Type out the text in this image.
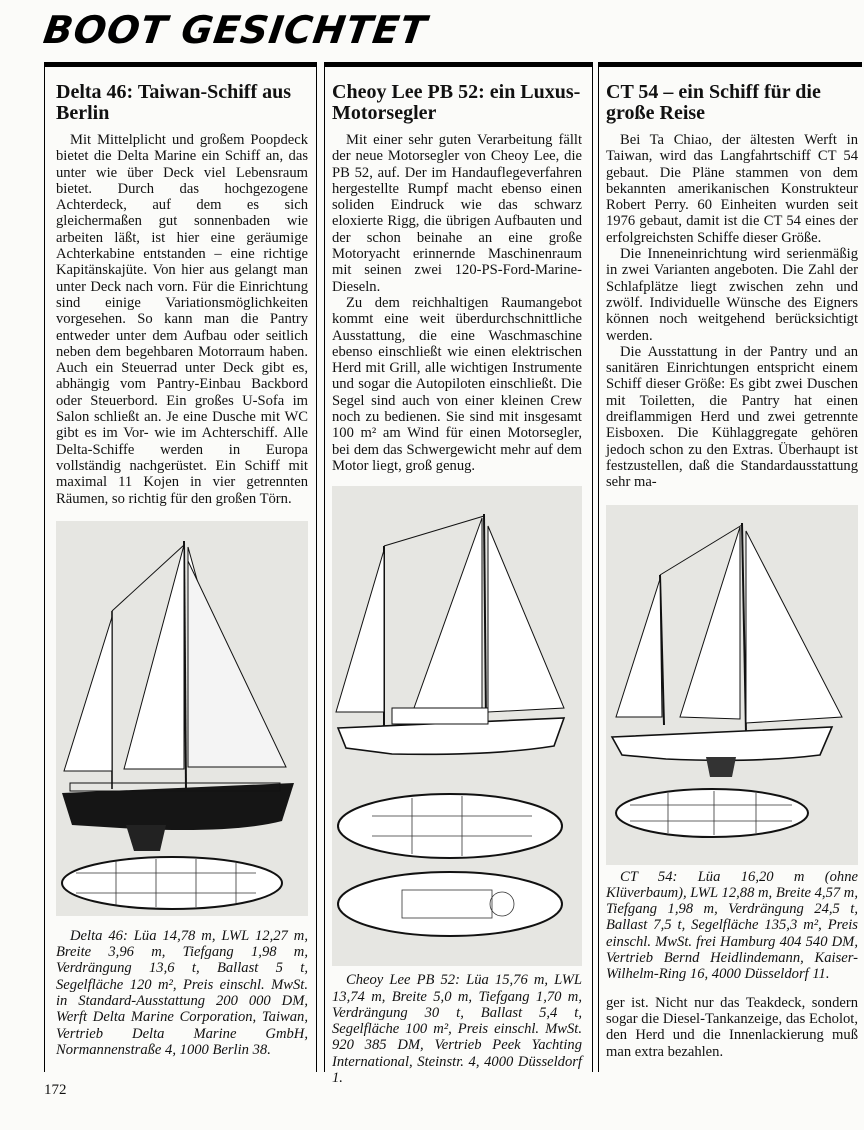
BOOT GESICHTET
Delta 46: Taiwan-Schiff aus Berlin

Mit Mittelplicht und großem Poopdeck bietet die Delta Marine ein Schiff an, das unter wie über Deck viel Lebensraum bietet. Durch das hochgezogene Achterdeck, auf dem es sich gleichermaßen gut sonnenbaden wie arbeiten läßt, ist hier eine geräumige Achterkabine entstanden – eine richtige Kapitänskajüte. Von hier aus gelangt man unter Deck nach vorn. Für die Einrichtung sind einige Variationsmöglichkeiten vorgesehen. So kann man die Pantry entweder unter dem Aufbau oder seitlich neben dem begehbaren Motorraum haben. Auch ein Steuerrad unter Deck gibt es, abhängig vom Pantry-Einbau Backbord oder Steuerbord. Ein großes U-Sofa im Salon schließt an. Je eine Dusche mit WC gibt es im Vor- wie im Achterschiff. Alle Delta-Schiffe werden in Europa vollständig nachgerüstet. Ein Schiff mit maximal 11 Kojen in vier getrennten Räumen, so richtig für den großen Törn.

Delta 46: Lüa 14,78 m, LWL 12,27 m, Breite 3,96 m, Tiefgang 1,98 m, Verdrängung 13,6 t, Ballast 5 t, Segelfläche 120 m², Preis einschl. MwSt. in Standard-Ausstattung 200 000 DM, Werft Delta Marine Corporation, Taiwan, Vertrieb Delta Marine GmbH, Normannenstraße 4, 1000 Berlin 38.

Cheoy Lee PB 52: ein Luxus-Motorsegler

Mit einer sehr guten Verarbeitung fällt der neue Motorsegler von Cheoy Lee, die PB 52, auf. Der im Handauflegeverfahren hergestellte Rumpf macht ebenso einen soliden Eindruck wie das schwarz eloxierte Rigg, die übrigen Aufbauten und der schon beinahe an eine große Motoryacht erinnernde Maschinenraum mit seinen zwei 120-PS-Ford-Marine-Dieseln.

Zu dem reichhaltigen Raumangebot kommt eine weit überdurchschnittliche Ausstattung, die eine Waschmaschine ebenso einschließt wie einen elektrischen Herd mit Grill, alle wichtigen Instrumente und sogar die Autopiloten einschließt. Die Segel sind auch von einer kleinen Crew noch zu bedienen. Sie sind mit insgesamt 100 m² am Wind für einen Motorsegler, bei dem das Schwergewicht mehr auf dem Motor liegt, groß genug.

Cheoy Lee PB 52: Lüa 15,76 m, LWL 13,74 m, Breite 5,0 m, Tiefgang 1,70 m, Verdrängung 30 t, Ballast 5,4 t, Segelfläche 100 m², Preis einschl. MwSt. 920 385 DM, Vertrieb Peek Yachting International, Steinstr. 4, 4000 Düsseldorf 1.

CT 54 – ein Schiff für die große Reise

Bei Ta Chiao, der ältesten Werft in Taiwan, wird das Langfahrtschiff CT 54 gebaut. Die Pläne stammen von dem bekannten amerikanischen Konstrukteur Robert Perry. 60 Einheiten wurden seit 1976 gebaut, damit ist die CT 54 eines der erfolgreichsten Schiffe dieser Größe.

Die Inneneinrichtung wird serienmäßig in zwei Varianten angeboten. Die Zahl der Schlafplätze liegt zwischen zehn und zwölf. Individuelle Wünsche des Eigners können noch weitgehend berücksichtigt werden.

Die Ausstattung in der Pantry und an sanitären Einrichtungen entspricht einem Schiff dieser Größe: Es gibt zwei Duschen mit Toiletten, die Pantry hat einen dreiflammigen Herd und zwei getrennte Eisboxen. Die Kühlaggregate gehören jedoch schon zu den Extras. Überhaupt ist festzustellen, daß die Standardausstattung sehr ma-

CT 54: Lüa 16,20 m (ohne Klüverbaum), LWL 12,88 m, Breite 4,57 m, Tiefgang 1,98 m, Verdrängung 24,5 t, Ballast 7,5 t, Segelfläche 135,3 m², Preis einschl. MwSt. frei Hamburg 404 540 DM, Vertrieb Bernd Heidlindemann, Kaiser-Wilhelm-Ring 16, 4000 Düsseldorf 11.

ger ist. Nicht nur das Teakdeck, sondern sogar die Diesel-Tankanzeige, das Echolot, den Herd und die Innenlackierung muß man extra bezahlen.

172
